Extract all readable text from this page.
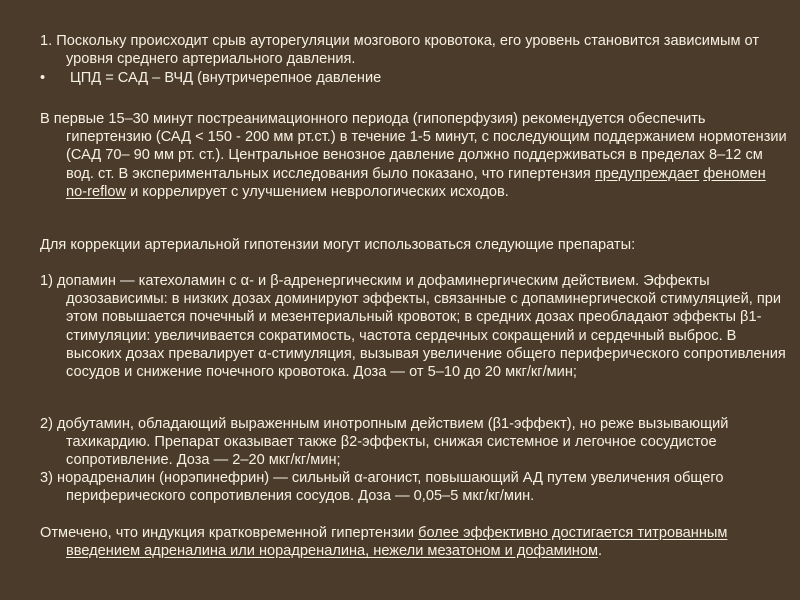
1. Поскольку происходит срыв ауторегуляции мозгового кровотока, его уровень становится зависимым от уровня среднего артериального давления.

• ЦПД = САД – ВЧД (внутричерепное давление

В первые 15–30 минут постреанимационного периода (гипоперфузия) рекомендуется обеспечить гипертензию (САД < 150 - 200 мм рт.ст.) в течение 1-5 минут, с последующим поддержанием нормотензии (САД 70– 90 мм рт. ст.). Центральное венозное давление должно поддерживаться в пределах 8–12 см вод. ст. В экспериментальных исследования было показано, что гипертензия предупреждает феномен no-reflow и коррелирует с улучшением неврологических исходов.

Для коррекции артериальной гипотензии могут использоваться следующие препараты:

1) допамин — катехоламин с α- и β-адренергическим и дофаминергическим действием. Эффекты дозозависимы: в низких дозах доминируют эффекты, связанные с допаминергической стимуляцией, при этом повышается почечный и мезентериальный кровоток; в средних дозах преобладают эффекты β1-стимуляции: увеличивается сократимость, частота сердечных сокращений и сердечный выброс. В высоких дозах превалирует α-стимуляция, вызывая увеличение общего периферического сопротивления сосудов и снижение почечного кровотока. Доза — от 5–10 до 20 мкг/кг/мин;

2) добутамин, обладающий выраженным инотропным действием (β1-эффект), но реже вызывающий тахикардию. Препарат оказывает также β2-эффекты, снижая системное и легочное сосудистое сопротивление. Доза — 2–20 мкг/кг/мин;

3) норадреналин (норэпинефрин) — сильный α-агонист, повышающий АД путем увеличения общего периферического сопротивления сосудов. Доза — 0,05–5 мкг/кг/мин.

Отмечено, что индукция кратковременной гипертензии более эффективно достигается титрованным введением адреналина или норадреналина, нежели мезатоном и дофамином.
